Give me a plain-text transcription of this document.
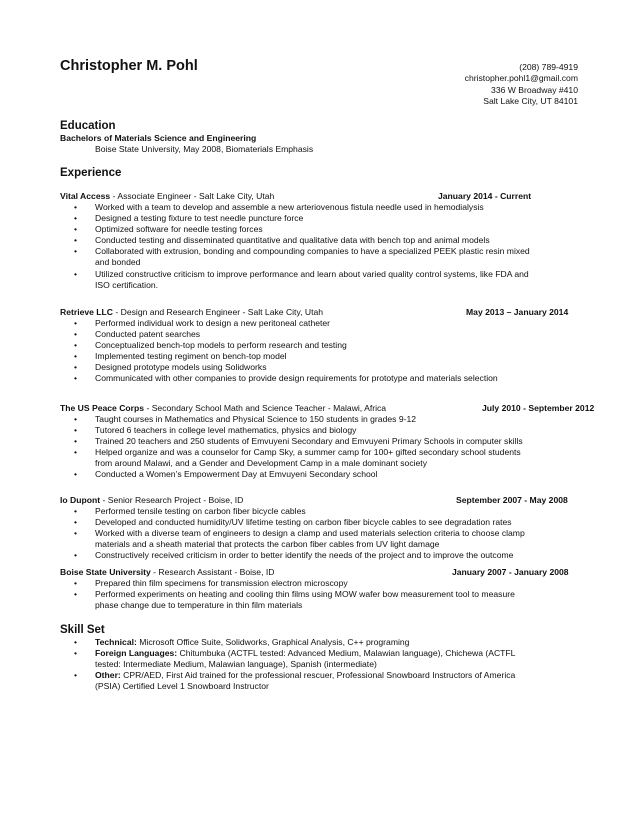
Christopher M. Pohl	(208) 789-4919
christopher.pohl1@gmail.com
336 W Broadway #410
Salt Lake City, UT 84101
Education
Bachelors of Materials Science and Engineering
Boise State University, May 2008, Biomaterials Emphasis
Experience
Vital Access - Associate Engineer - Salt Lake City, Utah	January 2014 - Current
• Worked with a team to develop and assemble a new arteriovenous fistula needle used in hemodialysis
• Designed a testing fixture to test needle puncture force
• Optimized software for needle testing forces
• Conducted testing and disseminated quantitative and qualitative data with bench top and animal models
• Collaborated with extrusion, bonding and compounding companies to have a specialized PEEK plastic resin mixed
and bonded
• Utilized constructive criticism to improve performance and learn about varied quality control systems, like FDA and
ISO certification.
Retrieve LLC - Design and Research Engineer - Salt Lake City, Utah	May 2013 – January 2014
• Performed individual work to design a new peritoneal catheter
• Conducted patent searches
• Conceptualized bench-top models to perform research and testing
• Implemented testing regiment on bench-top model
• Designed prototype models using Solidworks
• Communicated with other companies to provide design requirements for prototype and materials selection
The US Peace Corps - Secondary School Math and Science Teacher - Malawi, Africa	July 2010 - September 2012
• Taught courses in Mathematics and Physical Science to 150 students in grades 9-12
• Tutored 6 teachers in college level mathematics, physics and biology
• Trained 20 teachers and 250 students of Emvuyeni Secondary and Emvuyeni Primary Schools in computer skills
• Helped organize and was a counselor for Camp Sky, a summer camp for 100+ gifted secondary school students
from around Malawi, and a Gender and Development Camp in a male dominant society
• Conducted a Women’s Empowerment Day at Emvuyeni Secondary school
Io Dupont - Senior Research Project - Boise, ID	September 2007 - May 2008
• Performed tensile testing on carbon fiber bicycle cables
• Developed and conducted humidity/UV lifetime testing on carbon fiber bicycle cables to see degradation rates
• Worked with a diverse team of engineers to design a clamp and used materials selection criteria to choose clamp
materials and a sheath material that protects the carbon fiber cables from UV light damage
• Constructively received criticism in order to better identify the needs of the project and to improve the outcome
Boise State University - Research Assistant - Boise, ID	January 2007 - January 2008
• Prepared thin film specimens for transmission electron microscopy
• Performed experiments on heating and cooling thin films using MOW wafer bow measurement tool to measure
phase change due to temperature in thin film materials
Skill Set
• Technical: Microsoft Office Suite, Solidworks, Graphical Analysis, C++ programing
• Foreign Languages: Chitumbuka (ACTFL tested: Advanced Medium, Malawian language), Chichewa (ACTFL
tested: Intermediate Medium, Malawian language), Spanish (intermediate)
• Other: CPR/AED, First Aid trained for the professional rescuer, Professional Snowboard Instructors of America
(PSIA) Certified Level 1 Snowboard Instructor
